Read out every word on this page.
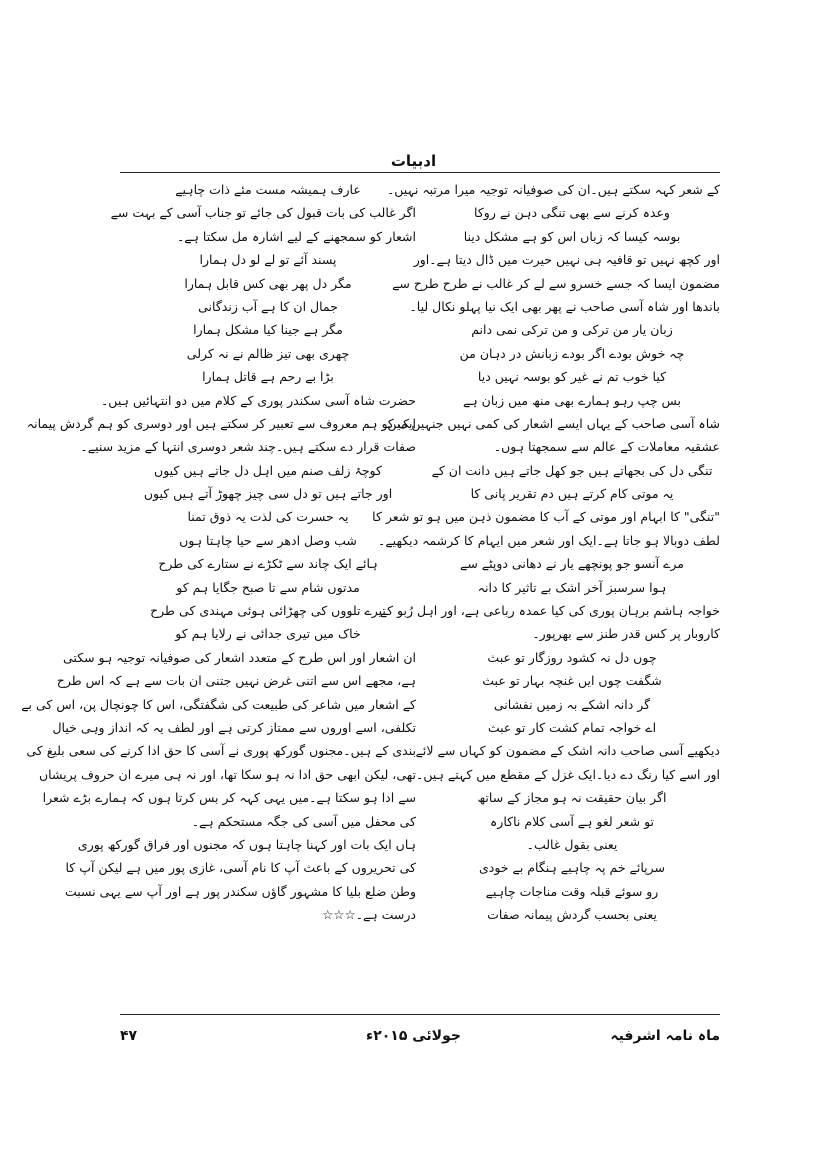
ادبیات
کے شعر کہہ سکتے ہیں۔ان کی صوفیانہ توجیہ میرا مرتبہ نہیں۔
وعدہ کرنے سے بھی تنگی دہن نے روکا
بوسہ کیسا کہ زباں اس کو ہے مشکل دینا
اور کچھ نہیں تو قافیہ ہی نہیں حیرت میں ڈال دیتا ہے۔اور
مضمون ایسا کہ جسے خسرو سے لے کر غالب نے طرح طرح سے
باندھا اور شاہ آسی صاحب نے پھر بھی ایک نیا پہلو نکال لیا۔
زبان یار من ترکی و من ترکی نمی دانم
چہ خوش بودے اگر بودے زبانش در دہان من
کیا خوب تم نے غیر کو بوسہ نہیں دیا
بس چپ رہو ہمارے بھی منھ میں زبان ہے
شاہ آسی صاحب کے یہاں ایسے اشعار کی کمی نہیں جنہیں میں
عشقیہ معاملات کے عالم سے سمجھتا ہوں۔
تنگی دل کی بجھاتے ہیں جو کھل جاتے ہیں دانت ان کے
یہ موتی کام کرتے ہیں دم تقریر پانی کا
"تنگی" کا ابہام اور موتی کے آب کا مضمون ذہن میں ہو تو شعر کا
لطف دوبالا ہو جاتا ہے۔ایک اور شعر میں ایہام کا کرشمہ دیکھیے۔
مرے آنسو جو پونچھے یار نے دھانی دوپٹے سے
ہوا سرسبز آخر اشک بے تاثیر کا دانہ
خواجہ ہاشم برہان پوری کی کیا عمدہ رباعی ہے، اور اہل رُبو کے
کاروبار پر کس قدر طنز سے بھرپور۔
چوں دل نہ کشود روزگار تو عبث
شگفت چوں ایں غنچہ بہار تو عبث
گر دانہ اشکے بہ زمیں نفشانی
اے خواجہ تمام کشت کار تو عبث
دیکھیے آسی صاحب دانہ اشک کے مضمون کو کہاں سے لائے
اور اسے کیا رنگ دے دیا۔ایک غزل کے مقطع میں کہتے ہیں۔
اگر بیان حقیقت نہ ہو مجاز کے ساتھ
تو شعر لغو ہے آسی کلام ناکارہ
یعنی بقول غالب۔
سرپائے خم پہ چاہیے ہنگام بے خودی
رو سوئے قبلہ وقت مناجات چاہیے
یعنی بحسب گردش پیمانہ صفات
عارف ہمیشہ مست مئے ذات چاہیے
اگر غالب کی بات قبول کی جائے تو جناب آسی کے بہت سے
اشعار کو سمجھنے کے لیے اشارہ مل سکتا ہے۔
پسند آئے تو لے لو دل ہمارا
مگر دل پھر بھی کس قابل ہمارا
جمال ان کا ہے آب زندگانی
مگر ہے جینا کیا مشکل ہمارا
چھری بھی تیز ظالم نے نہ کرلی
بڑا بے رحم ہے قاتل ہمارا
حضرت شاہ آسی سکندر پوری کے کلام میں دو انتہائیں ہیں۔
ایک کو ہم معروف سے تعبیر کر سکتے ہیں اور دوسری کو ہم گردش پیمانہ
صفات قرار دے سکتے ہیں۔چند شعر دوسری انتہا کے مزید سنیے۔
کوچۂ زلف صنم میں اہل دل جاتے ہیں کیوں
اور جاتے ہیں تو دل سی چیز چھوڑ آتے ہیں کیوں
یہ حسرت کی لذت یہ ذوق تمنا
شب وصل ادھر سے حیا چاہتا ہوں
ہائے ایک چاند سے ٹکڑے نے ستارے کی طرح
مدتوں شام سے تا صبح جگایا ہم کو
تیرے تلووں کی چھڑائی ہوئی مہندی کی طرح
خاک میں تیری جدائی نے رلایا ہم کو
ان اشعار اور اس طرح کے متعدد اشعار کی صوفیانہ توجیہ ہو سکتی
ہے، مجھے اس سے اتنی غرض نہیں جتنی ان بات سے ہے کہ اس طرح
کے اشعار میں شاعر کی طبیعت کی شگفتگی، اس کا چونچال پن، اس کی بے
تکلفی، اسے اوروں سے ممتاز کرتی ہے اور لطف یہ کہ انداز وہی خیال
بندی کے ہیں۔مجنوں گورکھ پوری نے آسی کا حق ادا کرنے کی سعی بلیغ کی
تھی، لیکن ابھی حق ادا نہ ہو سکا تھا، اور نہ ہی میرے ان حروف پریشاں
سے ادا ہو سکتا ہے۔میں یہی کہہ کر بس کرتا ہوں کہ ہمارے بڑے شعرا
کی محفل میں آسی کی جگہ مستحکم ہے۔
ہاں ایک بات اور کہنا چاہتا ہوں کہ مجنوں اور فراق گورکھ پوری
کی تحریروں کے باعث آپ کا نام آسی، غازی پور میں ہے لیکن آپ کا
وطن ضلع بلیا کا مشہور گاؤں سکندر پور ہے اور آپ سے یہی نسبت
درست ہے۔☆☆☆
ماہ نامہ اشرفیہ
جولائی ۲۰۱۵ء
۴۷
